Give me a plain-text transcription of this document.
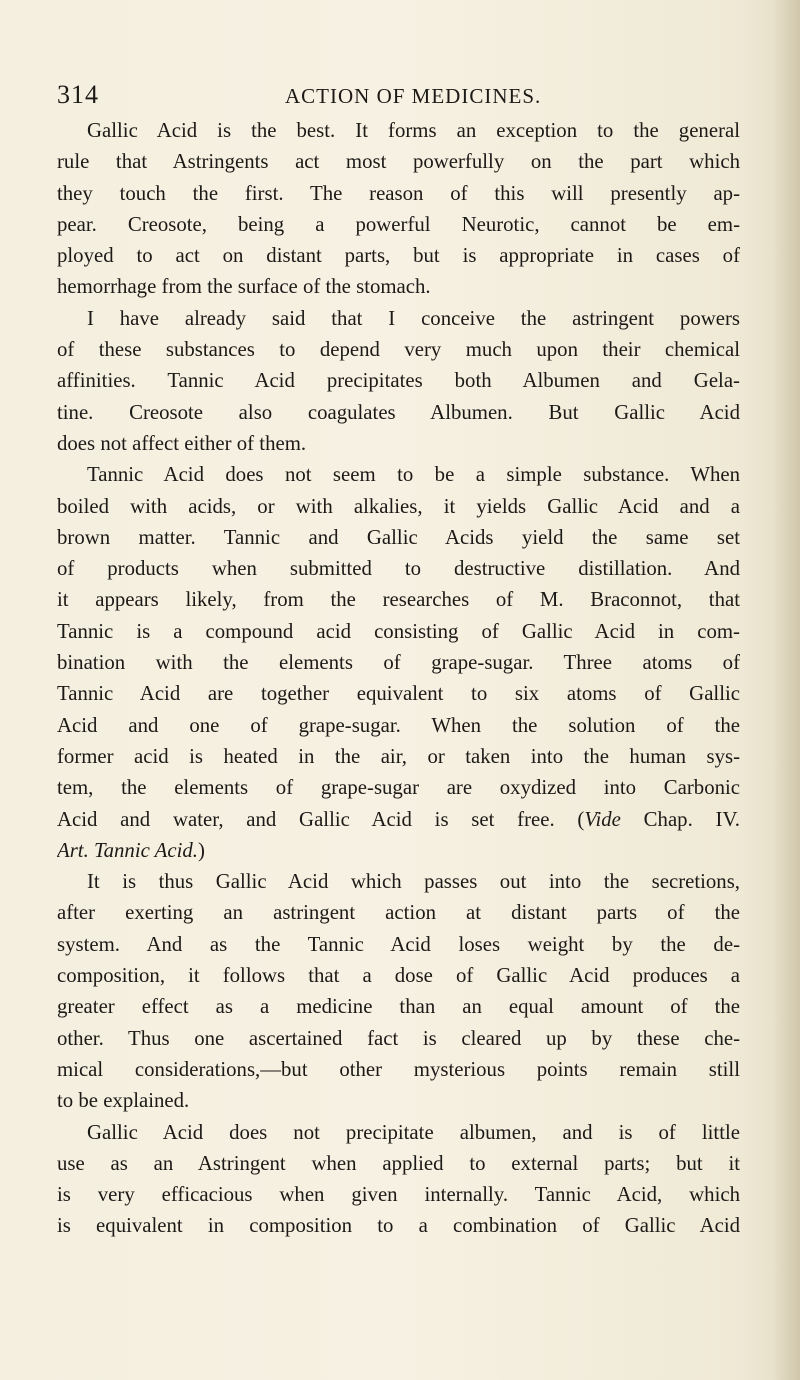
314	ACTION OF MEDICINES.
Gallic Acid is the best. It forms an exception to the general
rule that Astringents act most powerfully on the part which
they touch the first. The reason of this will presently ap-
pear. Creosote, being a powerful Neurotic, cannot be em-
ployed to act on distant parts, but is appropriate in cases of
hemorrhage from the surface of the stomach.
I have already said that I conceive the astringent powers
of these substances to depend very much upon their chemical
affinities. Tannic Acid precipitates both Albumen and Gela-
tine. Creosote also coagulates Albumen. But Gallic Acid
does not affect either of them.
Tannic Acid does not seem to be a simple substance. When
boiled with acids, or with alkalies, it yields Gallic Acid and a
brown matter. Tannic and Gallic Acids yield the same set
of products when submitted to destructive distillation. And
it appears likely, from the researches of M. Braconnot, that
Tannic is a compound acid consisting of Gallic Acid in com-
bination with the elements of grape-sugar. Three atoms of
Tannic Acid are together equivalent to six atoms of Gallic
Acid and one of grape-sugar. When the solution of the
former acid is heated in the air, or taken into the human sys-
tem, the elements of grape-sugar are oxydized into Carbonic
Acid and water, and Gallic Acid is set free. (Vide Chap. IV.
Art. Tannic Acid.)
It is thus Gallic Acid which passes out into the secretions,
after exerting an astringent action at distant parts of the
system. And as the Tannic Acid loses weight by the de-
composition, it follows that a dose of Gallic Acid produces a
greater effect as a medicine than an equal amount of the
other. Thus one ascertained fact is cleared up by these che-
mical considerations,—but other mysterious points remain still
to be explained.
Gallic Acid does not precipitate albumen, and is of little
use as an Astringent when applied to external parts; but it
is very efficacious when given internally. Tannic Acid, which
is equivalent in composition to a combination of Gallic Acid
